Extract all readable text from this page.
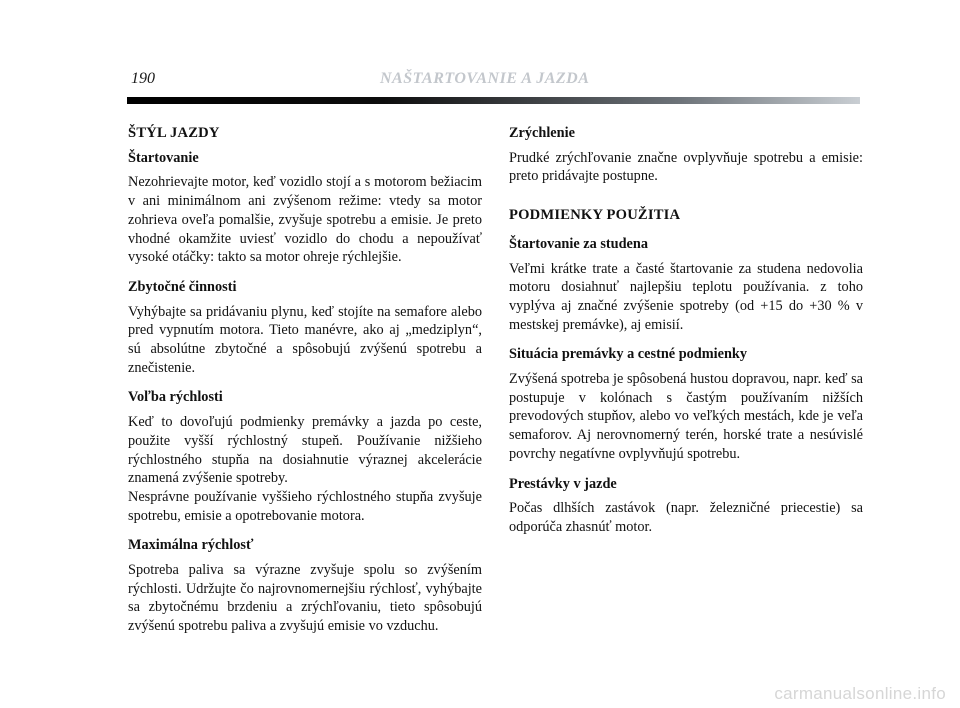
190	NAŠTARTOVANIE A JAZDA
ŠTÝL JAZDY
Štartovanie

Nezohrievajte motor, keď vozidlo stojí a s motorom bežiacim v ani minimálnom ani zvýšenom režime: vtedy sa motor zohrieva oveľa pomalšie, zvyšuje spotrebu a emisie. Je preto vhodné okamžite uviesť vozidlo do chodu a nepoužívať vysoké otáčky: takto sa motor ohreje rýchlejšie.

Zbytočné činnosti

Vyhýbajte sa pridávaniu plynu, keď stojíte na semafore alebo pred vypnutím motora. Tieto manévre, ako aj „medziplyn“, sú absolútne zbytočné a spôsobujú zvýšenú spotrebu a znečistenie.

Voľba rýchlosti

Keď to dovoľujú podmienky premávky a jazda po ceste, použite vyšší rýchlostný stupeň. Používanie nižšieho rýchlostného stupňa na dosiahnutie výraznej akcelerácie znamená zvýšenie spotreby.

Nesprávne používanie vyššieho rýchlostného stupňa zvyšuje spotrebu, emisie a opotrebovanie motora.

Maximálna rýchlosť

Spotreba paliva sa výrazne zvyšuje spolu so zvýšením rýchlosti. Udržujte čo najrovnomernejšiu rýchlosť, vyhýbajte sa zbytočnému brzdeniu a zrýchľovaniu, tieto spôsobujú zvýšenú spotrebu paliva a zvyšujú emisie vo vzduchu.

Zrýchlenie

Prudké zrýchľovanie značne ovplyvňuje spotrebu a emisie: preto pridávajte postupne.

PODMIENKY POUŽITIA
Štartovanie za studena

Veľmi krátke trate a časté štartovanie za studena nedovolia motoru dosiahnuť najlepšiu teplotu používania. z toho vyplýva aj značné zvýšenie spotreby (od +15 do +30 % v mestskej premávke), aj emisií.

Situácia premávky a cestné podmienky

Zvýšená spotreba je spôsobená hustou dopravou, napr. keď sa postupuje v kolónach s častým používaním nižších prevodových stupňov, alebo vo veľkých mestách, kde je veľa semaforov. Aj nerovnomerný terén, horské trate a nesúvislé povrchy negatívne ovplyvňujú spotrebu.

Prestávky v jazde

Počas dlhších zastávok (napr. železničné priecestie) sa odporúča zhasnúť motor.

carmanualsonline.info
